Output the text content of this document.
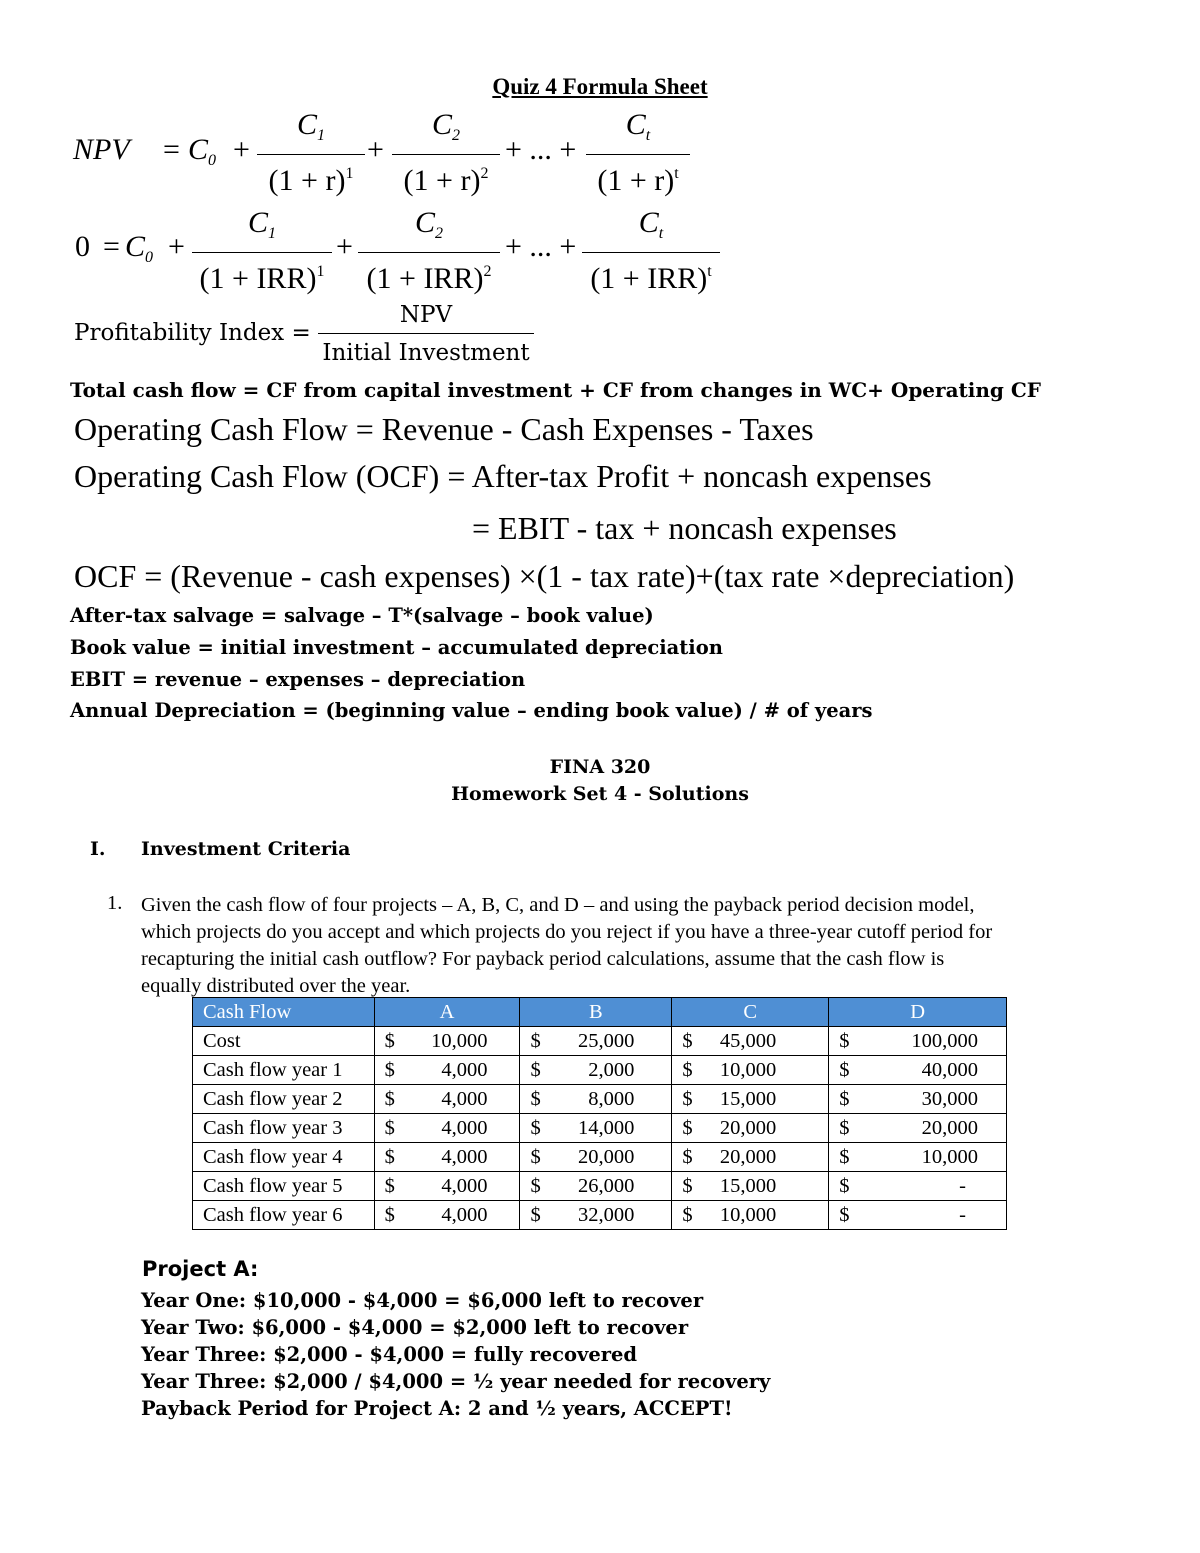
Quiz 4 Formula Sheet
NPV = $C_0$ +
$C_1$
$(1 + r)^1$
+
$C_2$
$(1 + r)^2$
+ ... +
$C_t$
$(1 + r)^t$
$0 = C_0$ +
$C_1$
(1 + IRR)$^1$
+
$C_2$
(1 + IRR)$^2$
+ ... +
$C_t$
(1 + IRR)$^t$
Profitability Index =
NPV
Initial Investment
Total cash flow = CF from capital investment + CF from changes in WC+ Operating CF
Operating Cash Flow = Revenue - Cash Expenses - Taxes
Operating Cash Flow (OCF) = After-tax Profit + noncash expenses
= EBIT - tax + noncash expenses
OCF = (Revenue - cash expenses) ×(1 - tax rate)+(tax rate ×depreciation)
After-tax salvage = salvage – T*(salvage – book value)
Book value = initial investment – accumulated depreciation
EBIT = revenue – expenses – depreciation
Annual Depreciation = (beginning value – ending book value) / # of years
FINA 320
Homework Set 4 - Solutions
I. Investment Criteria
1. Given the cash flow of four projects – A, B, C, and D – and using the payback period decision model,
which projects do you accept and which projects do you reject if you have a three-year cutoff period for
recapturing the initial cash outflow? For payback period calculations, assume that the cash flow is
equally distributed over the year.
Cash Flow	A	B	C	D
Cost	$ 10,000	$ 25,000	$ 45,000	$ 100,000

Cash flow year 1	$ 4,000	$ 2,000	$ 10,000	$ 40,000

Cash flow year 2	$ 4,000	$ 8,000	$ 15,000	$ 30,000

Cash flow year 3	$ 4,000	$ 14,000	$ 20,000	$ 20,000

Cash flow year 4	$ 4,000	$ 20,000	$ 20,000	$ 10,000

Cash flow year 5	$ 4,000	$ 26,000	$ 15,000	$ -

Cash flow year 6	$ 4,000	$ 32,000	$ 10,000	$ -
Project A:
Year One: $10,000 - $4,000 = $6,000 left to recover
Year Two: $6,000 - $4,000 = $2,000 left to recover
Year Three: $2,000 - $4,000 = fully recovered
Year Three: $2,000 / $4,000 = ½ year needed for recovery
Payback Period for Project A: 2 and ½ years, ACCEPT!
